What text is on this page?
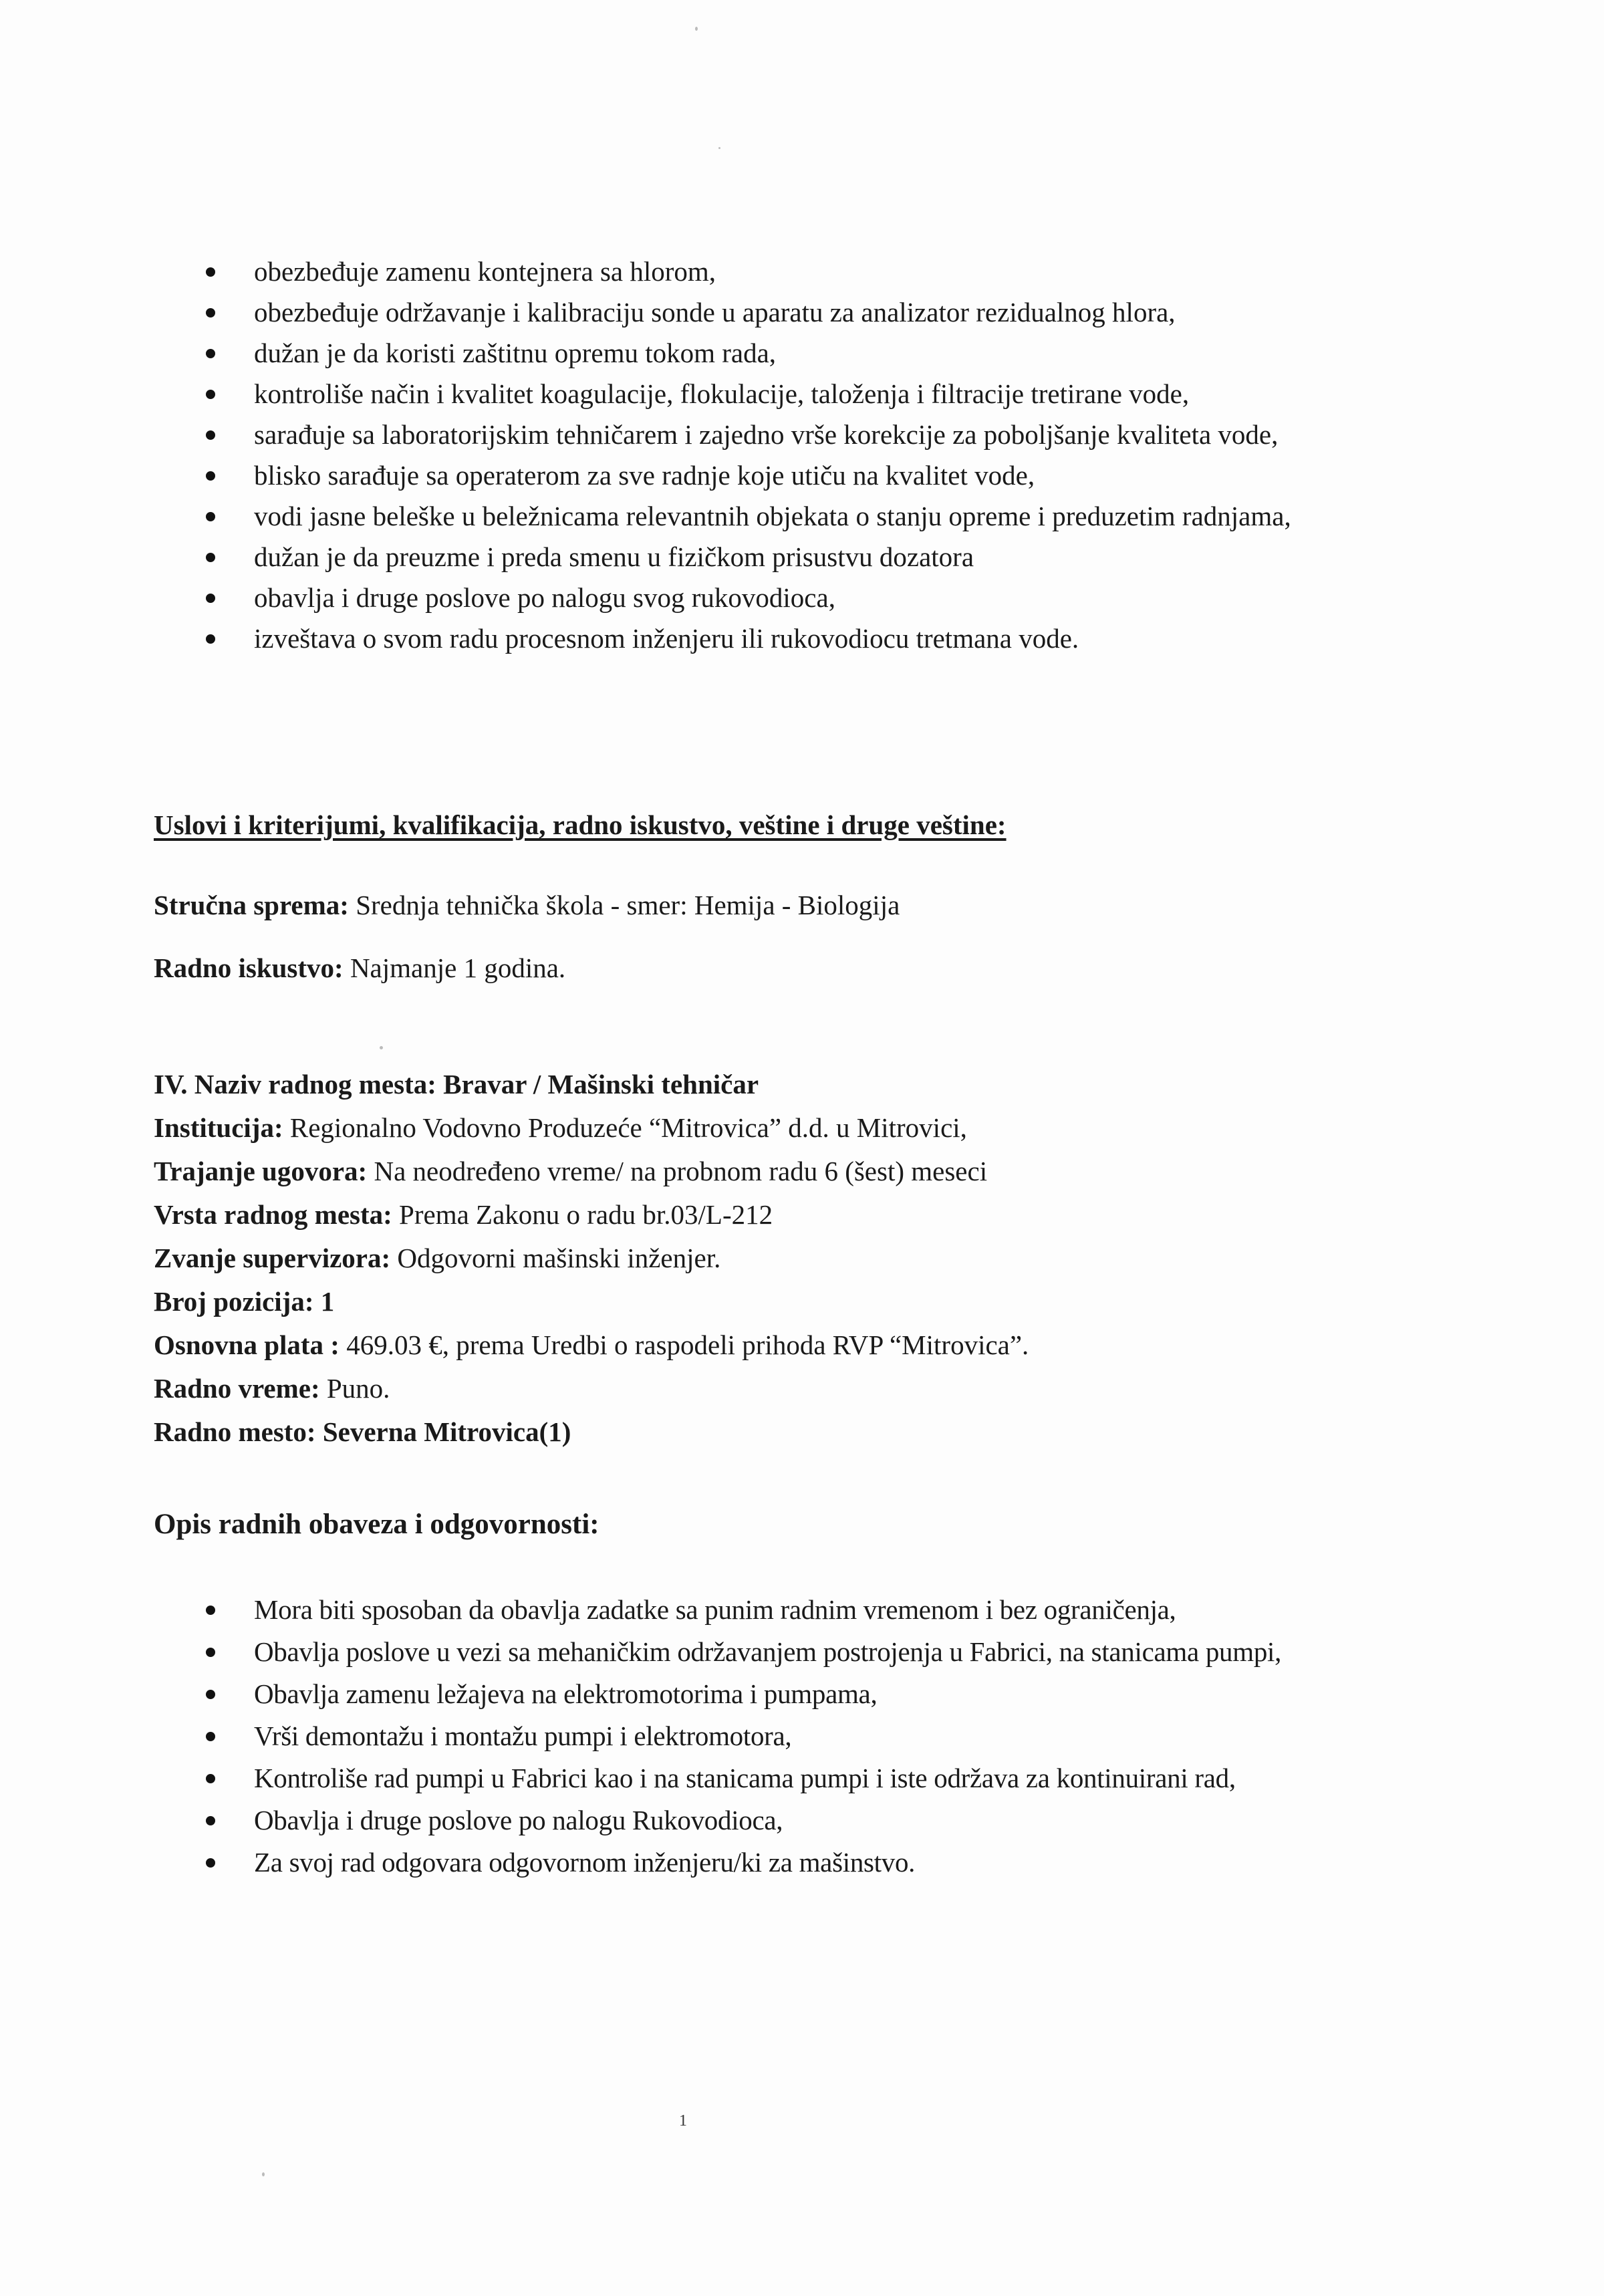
obezbeđuje zamenu kontejnera sa hlorom,
obezbeđuje održavanje i kalibraciju sonde u aparatu za analizator rezidualnog hlora,
dužan je da koristi zaštitnu opremu tokom rada,
kontroliše način i kvalitet koagulacije, flokulacije, taloženja i filtracije tretirane vode,
sarađuje sa laboratorijskim tehničarem i zajedno vrše korekcije za poboljšanje kvaliteta vode,
blisko sarađuje sa operaterom za sve radnje koje utiču na kvalitet vode,
vodi jasne beleške u beležnicama relevantnih objekata o stanju opreme i preduzetim radnjama,
dužan je da preuzme i preda smenu u fizičkom prisustvu dozatora
obavlja i druge poslove po nalogu svog rukovodioca,
izveštava o svom radu procesnom inženjeru ili rukovodiocu tretmana vode.
Uslovi i kriterijumi, kvalifikacija, radno iskustvo, veštine i druge veštine:
Stručna sprema: Srednja tehnička škola - smer: Hemija - Biologija
Radno iskustvo: Najmanje 1 godina.
IV. Naziv radnog mesta: Bravar / Mašinski tehničar
Institucija: Regionalno Vodovno Produzeće “Mitrovica” d.d. u Mitrovici,
Trajanje ugovora: Na neodređeno vreme/ na probnom radu 6 (šest) meseci
Vrsta radnog mesta: Prema Zakonu o radu br.03/L-212
Zvanje supervizora: Odgovorni mašinski inženjer.
Broj pozicija: 1
Osnovna plata : 469.03 €, prema Uredbi o raspodeli prihoda RVP “Mitrovica”.
Radno vreme: Puno.
Radno mesto: Severna Mitrovica(1)
Opis radnih obaveza i odgovornosti:
Mora biti sposoban da obavlja zadatke sa punim radnim vremenom i bez ograničenja,
Obavlja poslove u vezi sa mehaničkim održavanjem postrojenja u Fabrici, na stanicama pumpi,
Obavlja zamenu ležajeva na elektromotorima i pumpama,
Vrši demontažu i montažu pumpi i elektromotora,
Kontroliše rad pumpi u Fabrici kao i na stanicama pumpi i iste održava za kontinuirani rad,
Obavlja i druge poslove po nalogu Rukovodioca,
Za svoj rad odgovara odgovornom inženjeru/ki za mašinstvo.
1
